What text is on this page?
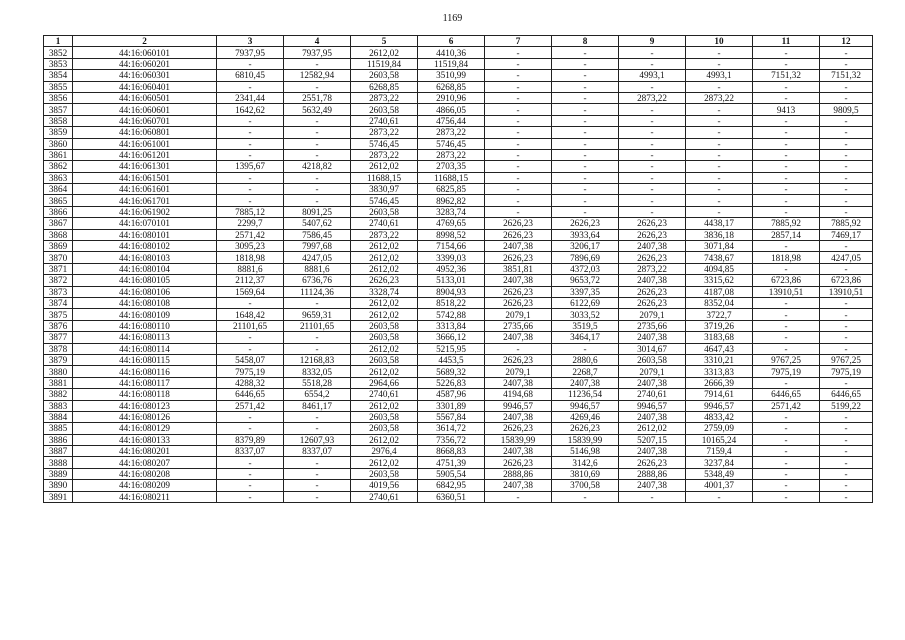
1169
1	2	3	4	5	6	7	8	9	10	11	12
3852	44:16:060101	7937,95	7937,95	2612,02	4410,36	-	-	-	-	-	-
3853	44:16:060201	-	-	11519,84	11519,84	-	-	-	-	-	-
3854	44:16:060301	6810,45	12582,94	2603,58	3510,99	-	-	4993,1	4993,1	7151,32	7151,32
3855	44:16:060401	-	-	6268,85	6268,85	-	-	-	-	-	-
3856	44:16:060501	2341,44	2551,78	2873,22	2910,96	-	-	2873,22	2873,22	-	-
3857	44:16:060601	1642,62	5632,49	2603,58	4866,05	-	-	-	-	9413	9809,5
3858	44:16:060701	-	-	2740,61	4756,44	-	-	-	-	-	-
3859	44:16:060801	-	-	2873,22	2873,22	-	-	-	-	-	-
3860	44:16:061001	-	-	5746,45	5746,45	-	-	-	-	-	-
3861	44:16:061201	-	-	2873,22	2873,22	-	-	-	-	-	-
3862	44:16:061301	1395,67	4218,82	2612,02	2703,35	-	-	-	-	-	-
3863	44:16:061501	-	-	11688,15	11688,15	-	-	-	-	-	-
3864	44:16:061601	-	-	3830,97	6825,85	-	-	-	-	-	-
3865	44:16:061701	-	-	5746,45	8962,82	-	-	-	-	-	-
3866	44:16:061902	7885,12	8091,25	2603,58	3283,74	-	-	-	-	-	-
3867	44:16:070101	2299,7	5407,62	2740,61	4769,65	2626,23	2626,23	2626,23	4438,17	7885,92	7885,92
3868	44:16:080101	2571,42	7586,45	2873,22	8998,52	2626,23	3933,64	2626,23	3836,18	2857,14	7469,17
3869	44:16:080102	3095,23	7997,68	2612,02	7154,66	2407,38	3206,17	2407,38	3071,84	-	-
3870	44:16:080103	1818,98	4247,05	2612,02	3399,03	2626,23	7896,69	2626,23	7438,67	1818,98	4247,05
3871	44:16:080104	8881,6	8881,6	2612,02	4952,36	3851,81	4372,03	2873,22	4094,85	-	-
3872	44:16:080105	2112,37	6736,76	2626,23	5133,01	2407,38	9653,72	2407,38	3315,62	6723,86	6723,86
3873	44:16:080106	1569,64	11124,36	3328,74	8904,93	2626,23	3397,35	2626,23	4187,08	13910,51	13910,51
3874	44:16:080108	-	-	2612,02	8518,22	2626,23	6122,69	2626,23	8352,04	-	-
3875	44:16:080109	1648,42	9659,31	2612,02	5742,88	2079,1	3033,52	2079,1	3722,7	-	-
3876	44:16:080110	21101,65	21101,65	2603,58	3313,84	2735,66	3519,5	2735,66	3719,26	-	-
3877	44:16:080113	-	-	2603,58	3666,12	2407,38	3464,17	2407,38	3183,68	-	-
3878	44:16:080114	-	-	2612,02	5215,95	-	-	3014,67	4647,43	-	-
3879	44:16:080115	5458,07	12168,83	2603,58	4453,5	2626,23	2880,6	2603,58	3310,21	9767,25	9767,25
3880	44:16:080116	7975,19	8332,05	2612,02	5689,32	2079,1	2268,7	2079,1	3313,83	7975,19	7975,19
3881	44:16:080117	4288,32	5518,28	2964,66	5226,83	2407,38	2407,38	2407,38	2666,39	-	-
3882	44:16:080118	6446,65	6554,2	2740,61	4587,96	4194,68	11236,54	2740,61	7914,61	6446,65	6446,65
3883	44:16:080123	2571,42	8461,17	2612,02	3301,89	9946,57	9946,57	9946,57	9946,57	2571,42	5199,22
3884	44:16:080126	-	-	2603,58	5567,84	2407,38	4269,46	2407,38	4833,42	-	-
3885	44:16:080129	-	-	2603,58	3614,72	2626,23	2626,23	2612,02	2759,09	-	-
3886	44:16:080133	8379,89	12607,93	2612,02	7356,72	15839,99	15839,99	5207,15	10165,24	-	-
3887	44:16:080201	8337,07	8337,07	2976,4	8668,83	2407,38	5146,98	2407,38	7159,4	-	-
3888	44:16:080207	-	-	2612,02	4751,39	2626,23	3142,6	2626,23	3237,84	-	-
3889	44:16:080208	-	-	2603,58	5905,54	2888,86	3810,69	2888,86	5348,49	-	-
3890	44:16:080209	-	-	4019,56	6842,95	2407,38	3700,58	2407,38	4001,37	-	-
3891	44:16:080211	-	-	2740,61	6360,51	-	-	-	-	-	-
